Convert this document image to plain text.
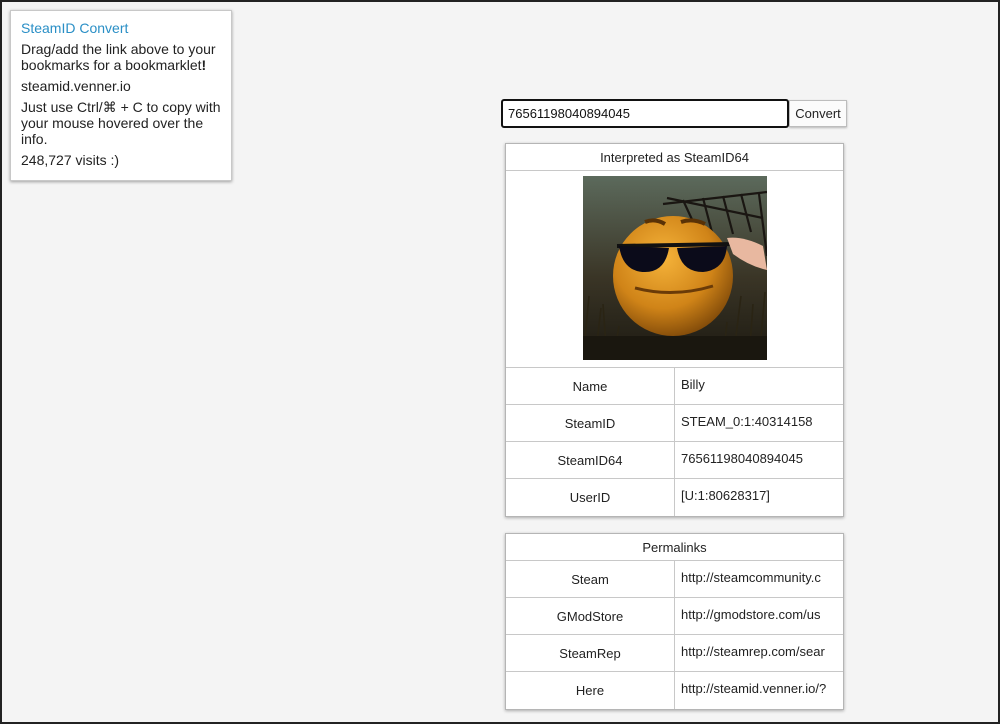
SteamID Convert

Drag/add the link above to your bookmarks for a bookmarklet!

steamid.venner.io

Just use Ctrl/⌘ + C to copy with your mouse hovered over the info.

248,727 visits :)

76561198040894045
Convert
Interpreted as SteamID64
Name	Billy
SteamID	STEAM_0:1:40314158
SteamID64	76561198040894045
UserID	[U:1:80628317]
Permalinks
Steam	http://steamcommunity.c
GModStore	http://gmodstore.com/us
SteamRep	http://steamrep.com/sear
Here	http://steamid.venner.io/?
